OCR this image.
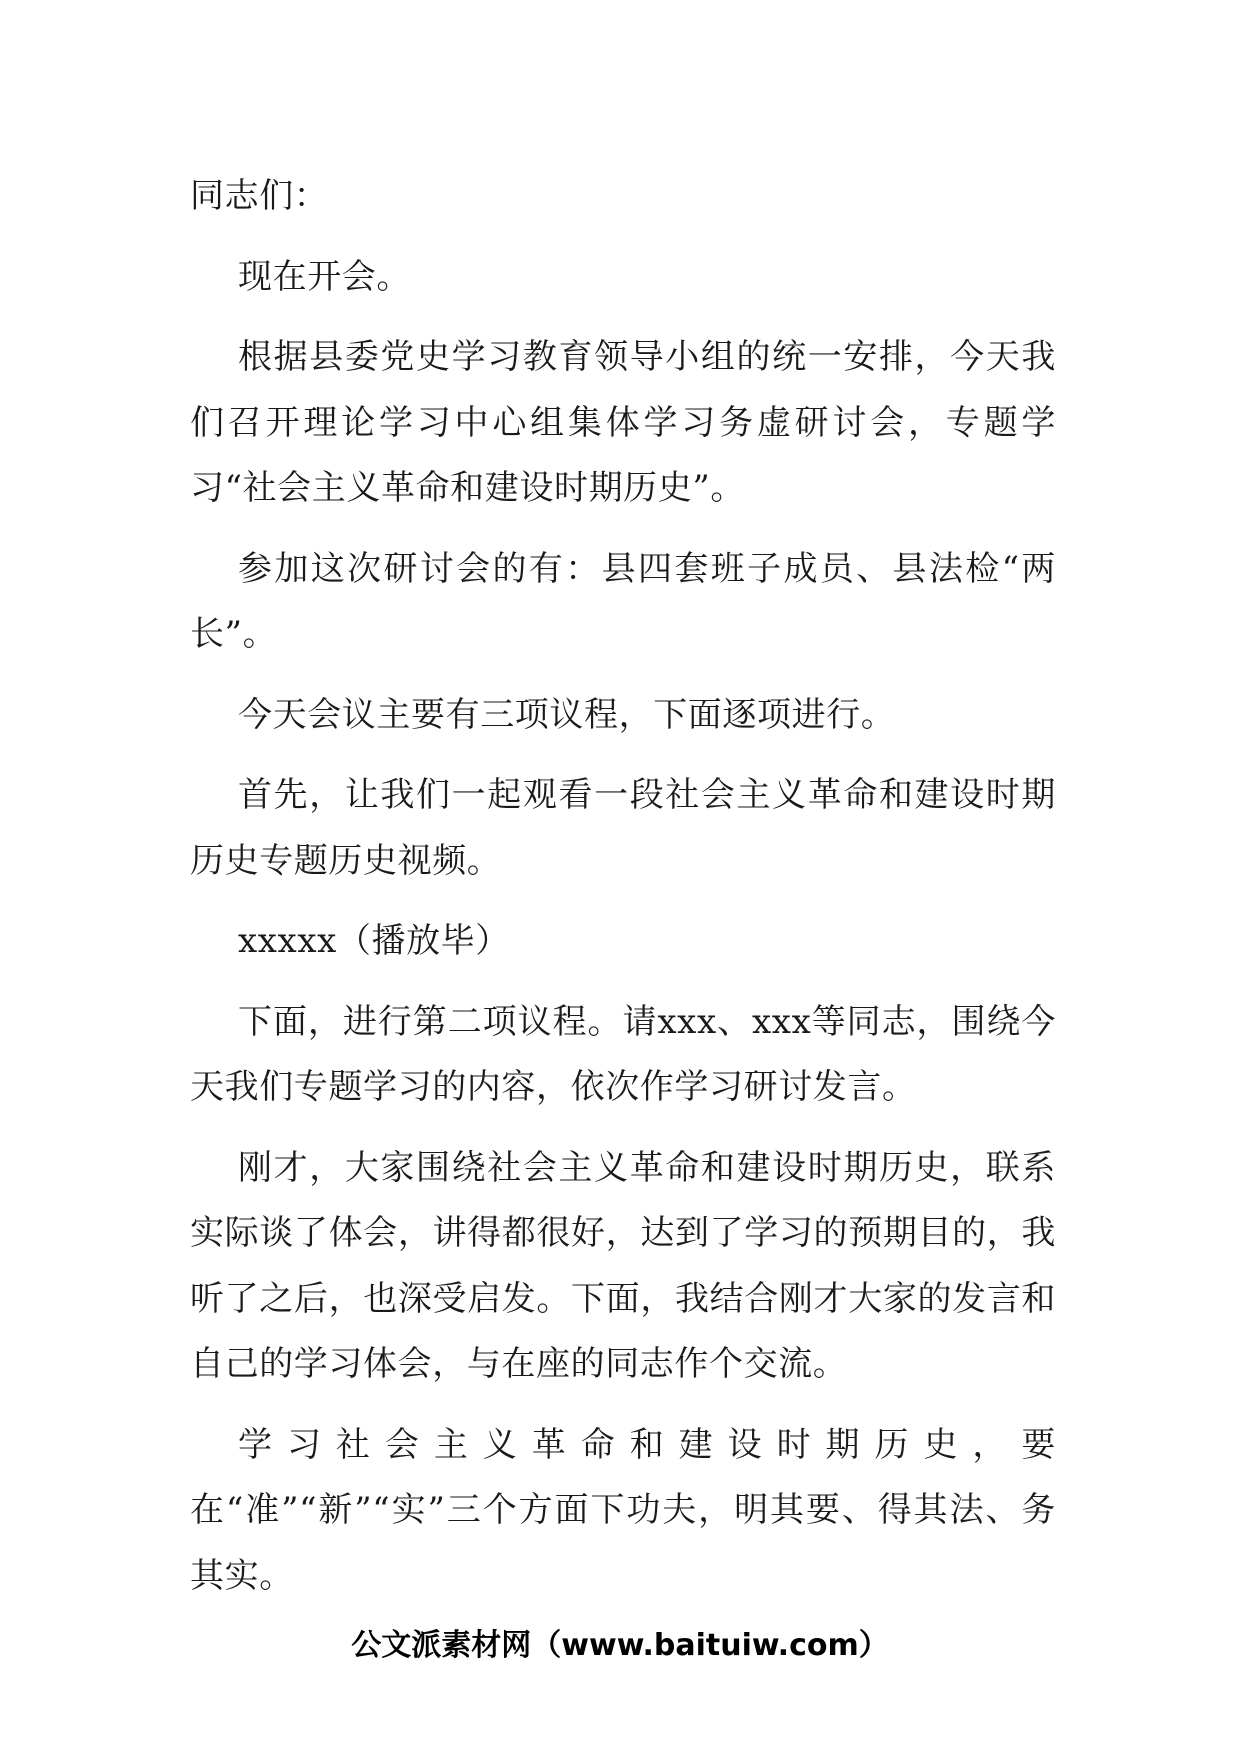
同志们：

现在开会。

根据县委党史学习教育领导小组的统一安排，今天我们召开理论学习中心组集体学习务虚研讨会，专题学习“社会主义革命和建设时期历史”。

参加这次研讨会的有：县四套班子成员、县法检“两长”。

今天会议主要有三项议程，下面逐项进行。

首先，让我们一起观看一段社会主义革命和建设时期历史专题历史视频。

xxxxx（播放毕）

下面，进行第二项议程。请xxx、xxx等同志，围绕今天我们专题学习的内容，依次作学习研讨发言。

刚才，大家围绕社会主义革命和建设时期历史，联系实际谈了体会，讲得都很好，达到了学习的预期目的，我听了之后，也深受启发。下面，我结合刚才大家的发言和自己的学习体会，与在座的同志作个交流。

学习社会主义革命和建设时期历史，要在“准”“新”“实”三个方面下功夫，明其要、得其法、务其实。

公文派素材网（www.baituiw.com）
